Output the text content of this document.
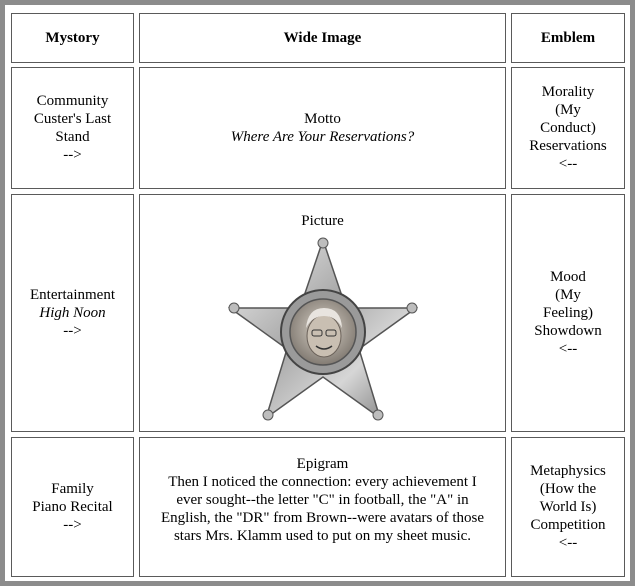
Mystory	Wide Image	Emblem
Community
Custer's Last Stand
-->
Motto
Where Are Your Reservations?
Morality
(My Conduct)
Reservations
<--
Entertainment
High Noon
-->
Picture
Mood
(My Feeling)
Showdown
<--
Family
Piano Recital
-->
Epigram
Then I noticed the connection: every achievement I ever sought--the letter "C" in football, the "A" in English, the "DR" from Brown--were avatars of those stars Mrs. Klamm used to put on my sheet music.
Metaphysics
(How the World Is)
Competition
<--
